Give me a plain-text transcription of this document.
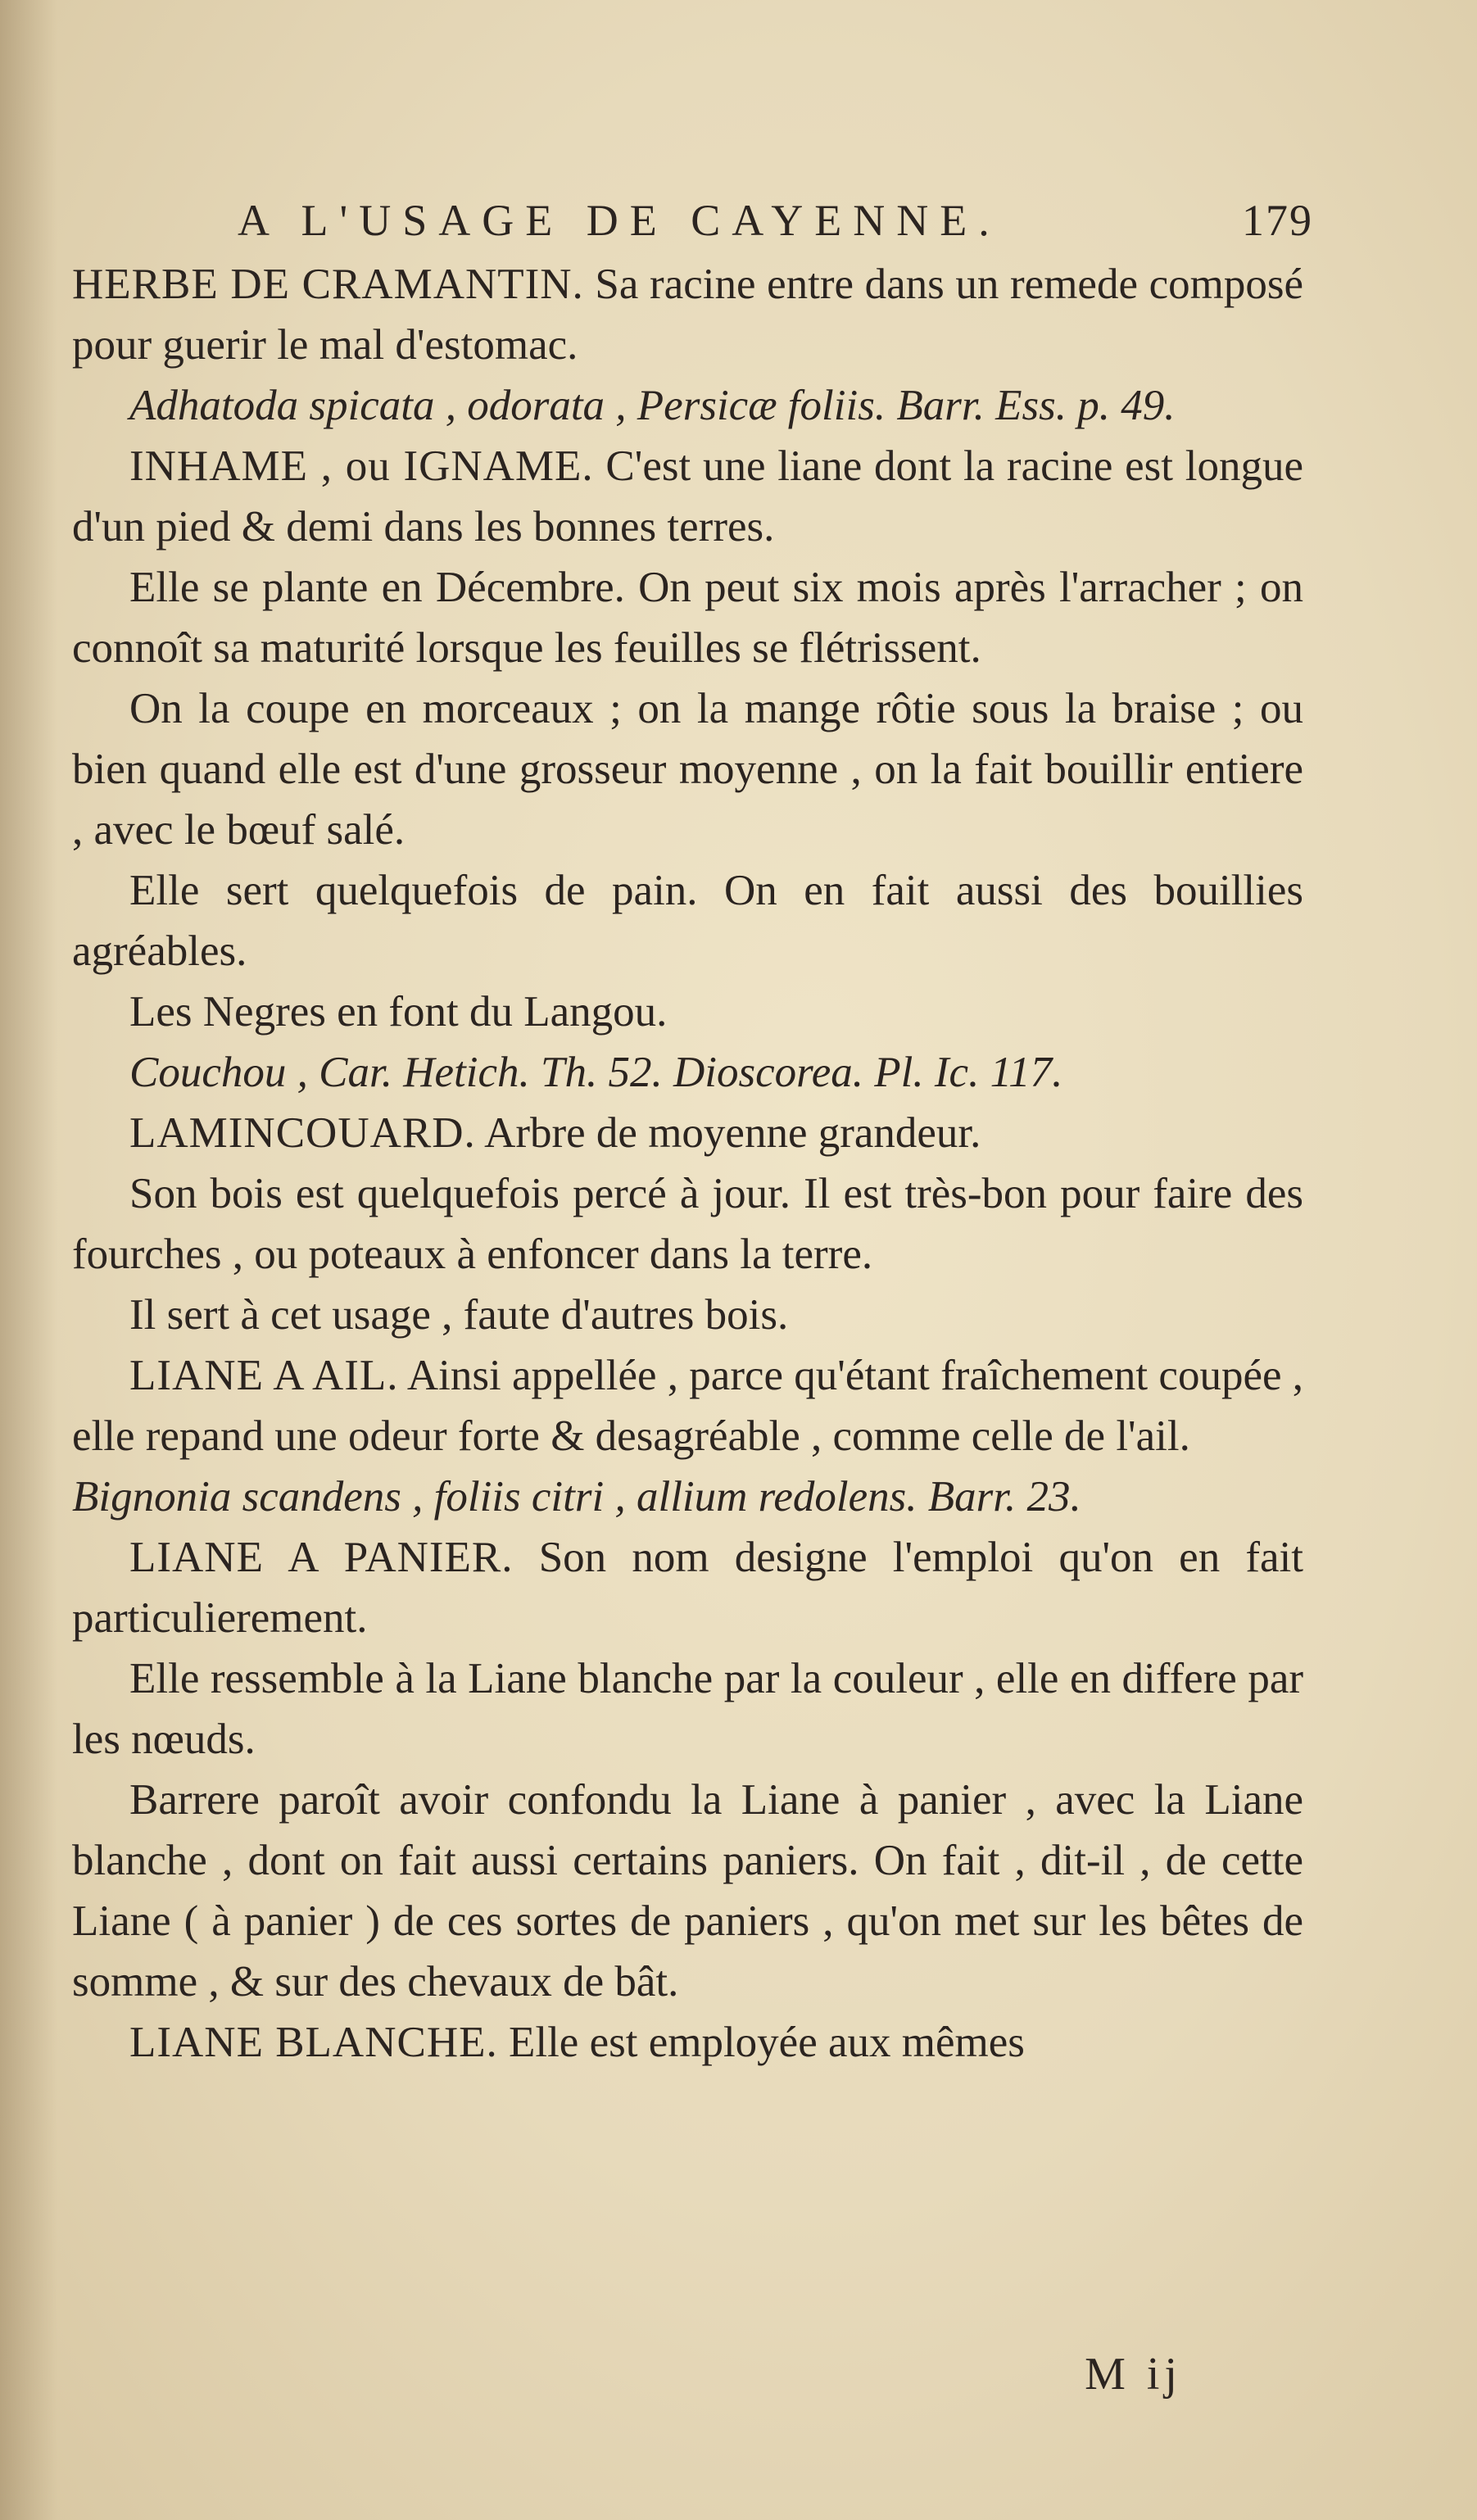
A L'USAGE DE CAYENNE.	179

HERBE DE CRAMANTIN. Sa racine entre dans un remede composé pour guerir le mal d'estomac.

Adhatoda spicata , odorata , Persicæ foliis. Barr. Ess. p. 49.

INHAME , ou IGNAME. C'est une liane dont la racine est longue d'un pied & demi dans les bonnes terres.

Elle se plante en Décembre. On peut six mois après l'arracher ; on connoît sa maturité lorsque les feuilles se flétrissent.

On la coupe en morceaux ; on la mange rôtie sous la braise ; ou bien quand elle est d'une grosseur moyenne , on la fait bouillir entiere , avec le bœuf salé.

Elle sert quelquefois de pain. On en fait aussi des bouillies agréables.

Les Negres en font du Langou.

Couchou , Car. Hetich. Th. 52. Dioscorea. Pl. Ic. 117.

LAMINCOUARD. Arbre de moyenne grandeur.

Son bois est quelquefois percé à jour. Il est très-bon pour faire des fourches , ou poteaux à enfoncer dans la terre.

Il sert à cet usage , faute d'autres bois.

LIANE A AIL. Ainsi appellée , parce qu'étant fraîchement coupée , elle repand une odeur forte & desagréable , comme celle de l'ail.

Bignonia scandens , foliis citri , allium redolens. Barr. 23.

LIANE A PANIER. Son nom designe l'emploi qu'on en fait particulierement.

Elle ressemble à la Liane blanche par la couleur , elle en differe par les nœuds.

Barrere paroît avoir confondu la Liane à panier , avec la Liane blanche , dont on fait aussi certains paniers. On fait , dit-il , de cette Liane ( à panier ) de ces sortes de paniers , qu'on met sur les bêtes de somme , & sur des chevaux de bât.

LIANE BLANCHE. Elle est employée aux mêmes

M ij
